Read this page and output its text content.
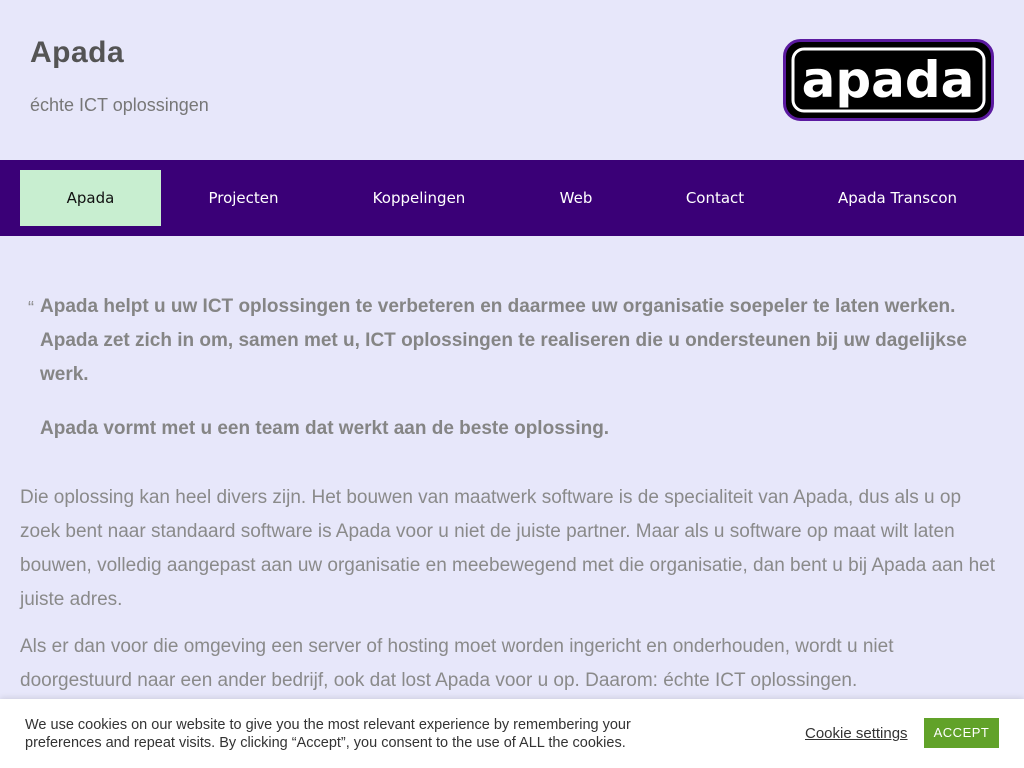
Apada
échte ICT oplossingen	apada
Apada	Projecten	Koppelingen	Web	Contact	Apada Transcon
“ Apada helpt u uw ICT oplossingen te verbeteren en daarmee uw organisatie soepeler te laten werken. Apada zet zich in om, samen met u, ICT oplossingen te realiseren die u ondersteunen bij uw dagelijkse werk.

Apada vormt met u een team dat werkt aan de beste oplossing.

Die oplossing kan heel divers zijn. Het bouwen van maatwerk software is de specialiteit van Apada, dus als u op zoek bent naar standaard software is Apada voor u niet de juiste partner. Maar als u software op maat wilt laten bouwen, volledig aangepast aan uw organisatie en meebewegend met die organisatie, dan bent u bij Apada aan het juiste adres.

Als er dan voor die omgeving een server of hosting moet worden ingericht en onderhouden, wordt u niet doorgestuurd naar een ander bedrijf, ook dat lost Apada voor u op. Daarom: échte ICT oplossingen.

We use cookies on our website to give you the most relevant experience by remembering your preferences and repeat visits. By clicking “Accept”, you consent to the use of ALL the cookies.
Cookie settings	ACCEPT
